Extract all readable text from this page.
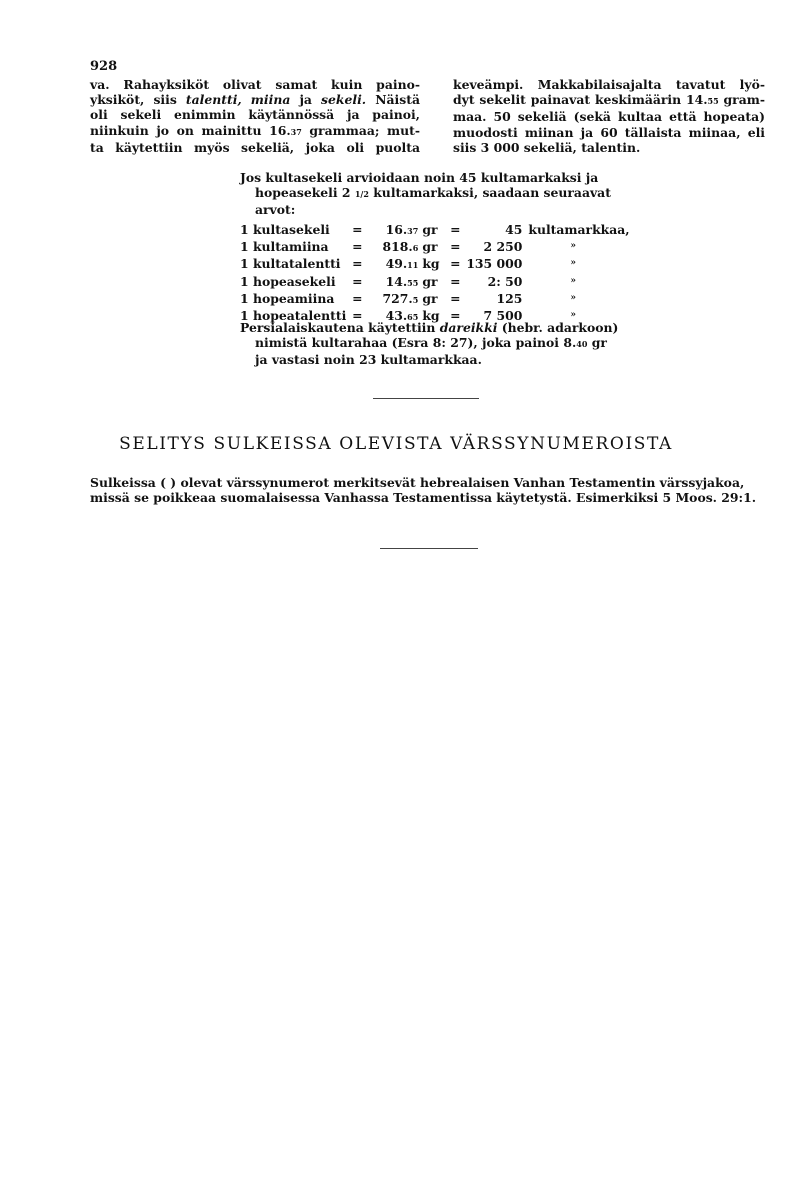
928
va. Rahayksiköt olivat samat kuin paino-
yksiköt, siis talentti, miina ja sekeli. Näistä
oli sekeli enimmin käytännössä ja painoi,
niinkuin jo on mainittu 16.37 grammaa; mut-
ta käytettiin myös sekeliä, joka oli puolta
keveämpi. Makkabilaisajalta tavatut lyö-
dyt sekelit painavat keskimäärin 14.55 gram-
maa. 50 sekeliä (sekä kultaa että hopeata)
muodosti miinan ja 60 tällaista miinaa, eli
siis 3 000 sekeliä, talentin.
Jos kultasekeli arvioidaan noin 45 kultamarkaksi ja
hopeasekeli 2 1/2 kultamarkaksi, saadaan seuraavat
arvot:
1 kultasekeli	=	16.37	gr	=	45	kultamarkkaa,
1 kultamiina	=	818.6	gr	=	2 250	»
1 kultatalentti	=	49.11	kg	=	135 000	»
1 hopeasekeli	=	14.55	gr	=	2: 50	»
1 hopeamiina	=	727.5	gr	=	125	»
1 hopeatalentti	=	43.65	kg	=	7 500	»
Persialaiskautena käytettiin dareikki (hebr. adarkoon)
nimistä kultarahaa (Esra 8: 27), joka painoi 8.40 gr
ja vastasi noin 23 kultamarkkaa.
SELITYS SULKEISSA OLEVISTA VÄRSSYNUMEROISTA
Sulkeissa ( ) olevat värssynumerot merkitsevät hebrealaisen Vanhan Testamentin värssyjakoa,
missä se poikkeaa suomalaisessa Vanhassa Testamentissa käytetystä. Esimerkiksi 5 Moos. 29:1.
